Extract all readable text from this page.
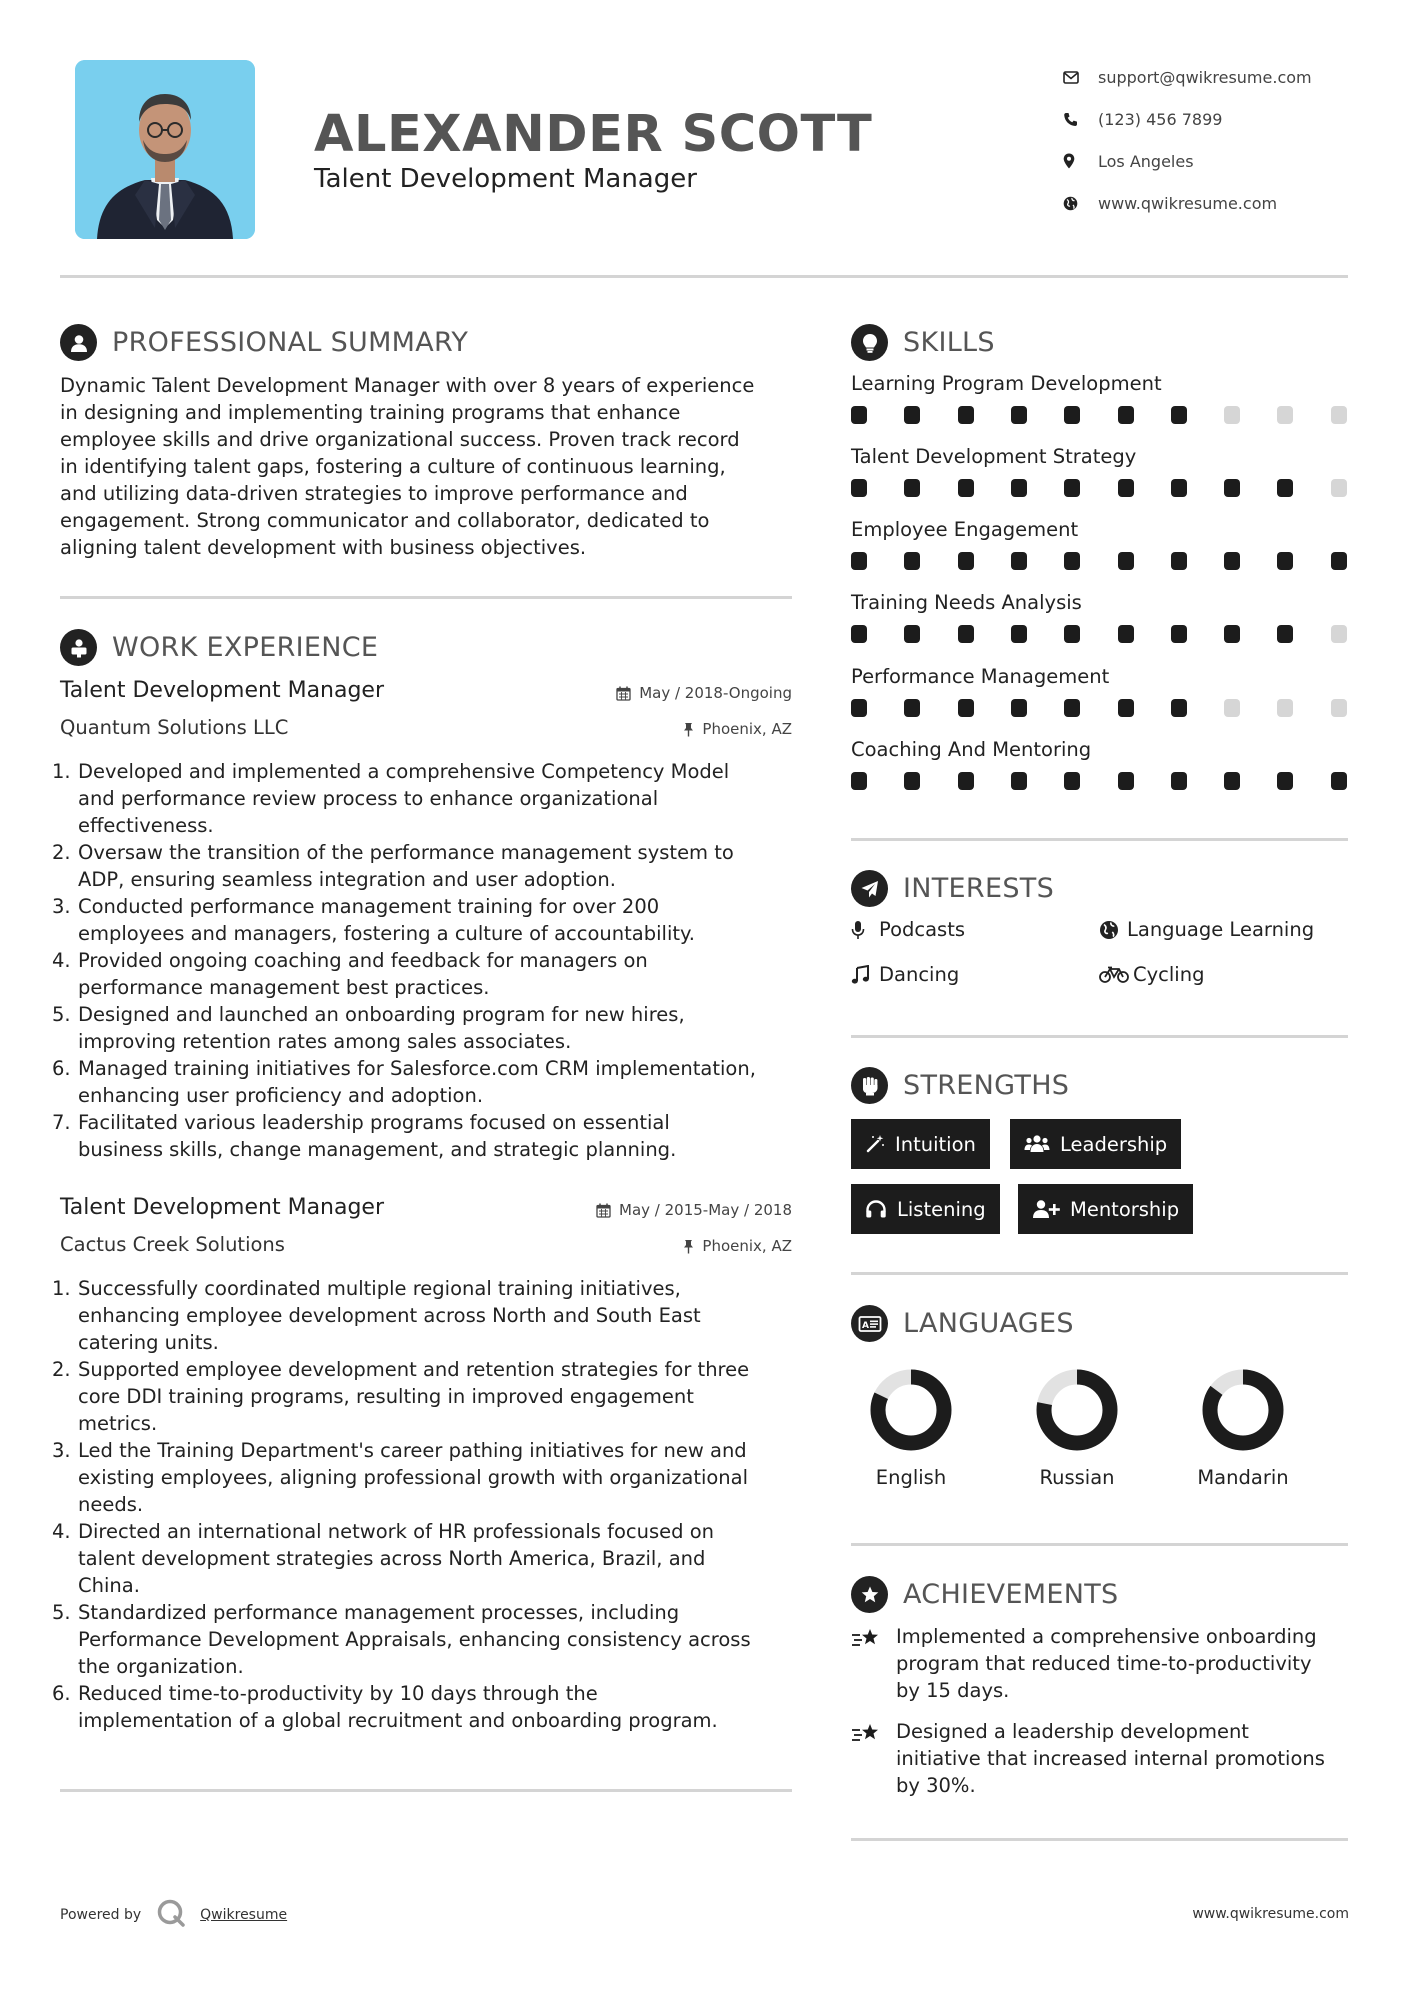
ALEXANDER SCOTT
Talent Development Manager
support@qwikresume.com
(123) 456 7899
Los Angeles
www.qwikresume.com
PROFESSIONAL SUMMARY
Dynamic Talent Development Manager with over 8 years of experience
in designing and implementing training programs that enhance
employee skills and drive organizational success. Proven track record
in identifying talent gaps, fostering a culture of continuous learning,
and utilizing data-driven strategies to improve performance and
engagement. Strong communicator and collaborator, dedicated to
aligning talent development with business objectives.
WORK EXPERIENCE
Talent Development Manager	May / 2018-Ongoing
Quantum Solutions LLC	Phoenix, AZ
1. Developed and implemented a comprehensive Competency Model
and performance review process to enhance organizational
effectiveness.
2. Oversaw the transition of the performance management system to
ADP, ensuring seamless integration and user adoption.
3. Conducted performance management training for over 200
employees and managers, fostering a culture of accountability.
4. Provided ongoing coaching and feedback for managers on
performance management best practices.
5. Designed and launched an onboarding program for new hires,
improving retention rates among sales associates.
6. Managed training initiatives for Salesforce.com CRM implementation,
enhancing user proficiency and adoption.
7. Facilitated various leadership programs focused on essential
business skills, change management, and strategic planning.
Talent Development Manager	May / 2015-May / 2018
Cactus Creek Solutions	Phoenix, AZ
1. Successfully coordinated multiple regional training initiatives,
enhancing employee development across North and South East
catering units.
2. Supported employee development and retention strategies for three
core DDI training programs, resulting in improved engagement
metrics.
3. Led the Training Department's career pathing initiatives for new and
existing employees, aligning professional growth with organizational
needs.
4. Directed an international network of HR professionals focused on
talent development strategies across North America, Brazil, and
China.
5. Standardized performance management processes, including
Performance Development Appraisals, enhancing consistency across
the organization.
6. Reduced time-to-productivity by 10 days through the
implementation of a global recruitment and onboarding program.
SKILLS
Learning Program Development
Talent Development Strategy
Employee Engagement
Training Needs Analysis
Performance Management
Coaching And Mentoring
INTERESTS
Podcasts	Language Learning
Dancing	Cycling
STRENGTHS
Intuition	Leadership
Listening	Mentorship
A LANGUAGES
English	Russian	Mandarin
ACHIEVEMENTS
Implemented a comprehensive onboarding
program that reduced time-to-productivity
by 15 days.
Designed a leadership development
initiative that increased internal promotions
by 30%.
Powered by	Qwikresume	www.qwikresume.com
